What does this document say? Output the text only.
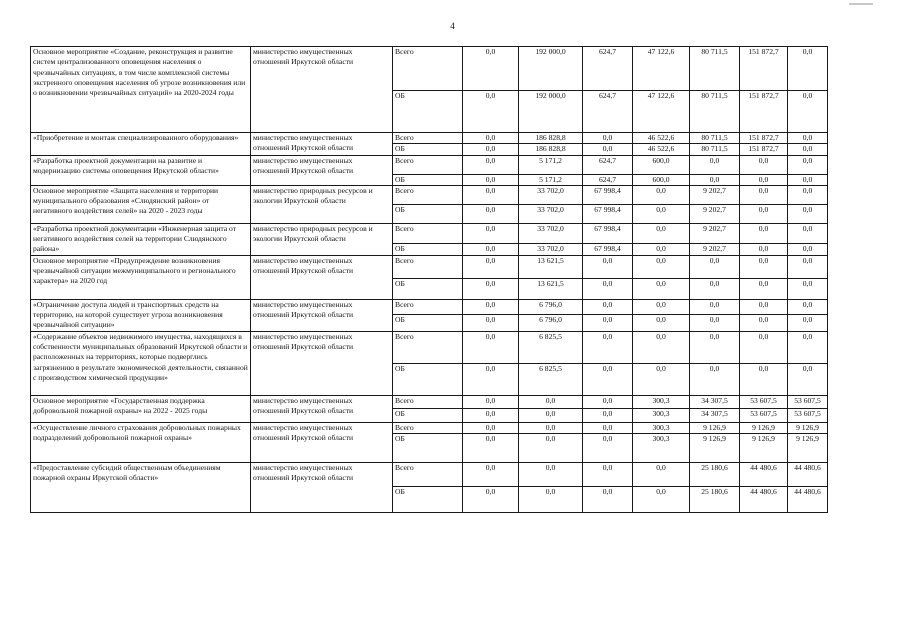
4
Основное мероприятие «Создание, реконструкция и развитие систем централизованного оповещения населения о чрезвычайных ситуациях, в том числе комплексной системы экстренного оповещения населения об угрозе возникновения или о возникновении чрезвычайных ситуаций» на 2020-2024 годы	министерство имущественных отношений Иркутской области	Всего	0,0	192 000,0	624,7	47 122,6	80 711,5	151 872,7	0,0
		ОБ	0,0	192 000,0	624,7	47 122,6	80 711,5	151 872,7	0,0
«Приобретение и монтаж специализированного оборудования»	министерство имущественных отношений Иркутской области	Всего	0,0	186 828,8	0,0	46 522,6	80 711,5	151 872,7	0,0
		ОБ	0,0	186 828,8	0,0	46 522,6	80 711,5	151 872,7	0,0
«Разработка проектной документации на развитие и модернизацию системы оповещения Иркутской области»	министерство имущественных отношений Иркутской области	Всего	0,0	5 171,2	624,7	600,0	0,0	0,0	0,0
		ОБ	0,0	5 171,2	624,7	600,0	0,0	0,0	0,0
Основное мероприятие «Защита населения и территории муниципального образования «Слюдянский район» от негативного воздействия селей» на 2020 - 2023 годы	министерство природных ресурсов и экологии Иркутской области	Всего	0,0	33 702,0	67 998,4	0,0	9 202,7	0,0	0,0
		ОБ	0,0	33 702,0	67 998,4	0,0	9 202,7	0,0	0,0
«Разработка проектной документации «Инженерная защита от негативного воздействия селей на территории Слюдянского района»	министерство природных ресурсов и экологии Иркутской области	Всего	0,0	33 702,0	67 998,4	0,0	9 202,7	0,0	0,0
		ОБ	0,0	33 702,0	67 998,4	0,0	9 202,7	0,0	0,0
Основное мероприятие «Предупреждение возникновения чрезвычайной ситуации межмуниципального и регионального характера» на 2020 год	министерство имущественных отношений Иркутской области	Всего	0,0	13 621,5	0,0	0,0	0,0	0,0	0,0
		ОБ	0,0	13 621,5	0,0	0,0	0,0	0,0	0,0
«Ограничение доступа людей и транспортных средств на территорию, на которой существует угроза возникновения чрезвычайной ситуации»	министерство имущественных отношений Иркутской области	Всего	0,0	6 796,0	0,0	0,0	0,0	0,0	0,0
		ОБ	0,0	6 796,0	0,0	0,0	0,0	0,0	0,0
«Содержание объектов недвижимого имущества, находящихся в собственности муниципальных образований Иркутской области и расположенных на территориях, которые подверглись загрязнению в результате экономической деятельности, связанной с производством химической продукции»	министерство имущественных отношений Иркутской области	Всего	0,0	6 825,5	0,0	0,0	0,0	0,0	0,0
		ОБ	0,0	6 825,5	0,0	0,0	0,0	0,0	0,0
Основное мероприятие «Государственная поддержка добровольной пожарной охраны» на 2022 - 2025 годы	министерство имущественных отношений Иркутской области	Всего	0,0	0,0	0,0	300,3	34 307,5	53 607,5	53 607,5
		ОБ	0,0	0,0	0,0	300,3	34 307,5	53 607,5	53 607,5
«Осуществление личного страхования добровольных пожарных подразделений добровольной пожарной охраны»	министерство имущественных отношений Иркутской области	Всего	0,0	0,0	0,0	300,3	9 126,9	9 126,9	9 126,9
		ОБ	0,0	0,0	0,0	300,3	9 126,9	9 126,9	9 126,9
«Предоставление субсидий общественным объединениям пожарной охраны Иркутской области»	министерство имущественных отношений Иркутской области	Всего	0,0	0,0	0,0	0,0	25 180,6	44 480,6	44 480,6
		ОБ	0,0	0,0	0,0	0,0	25 180,6	44 480,6	44 480,6
